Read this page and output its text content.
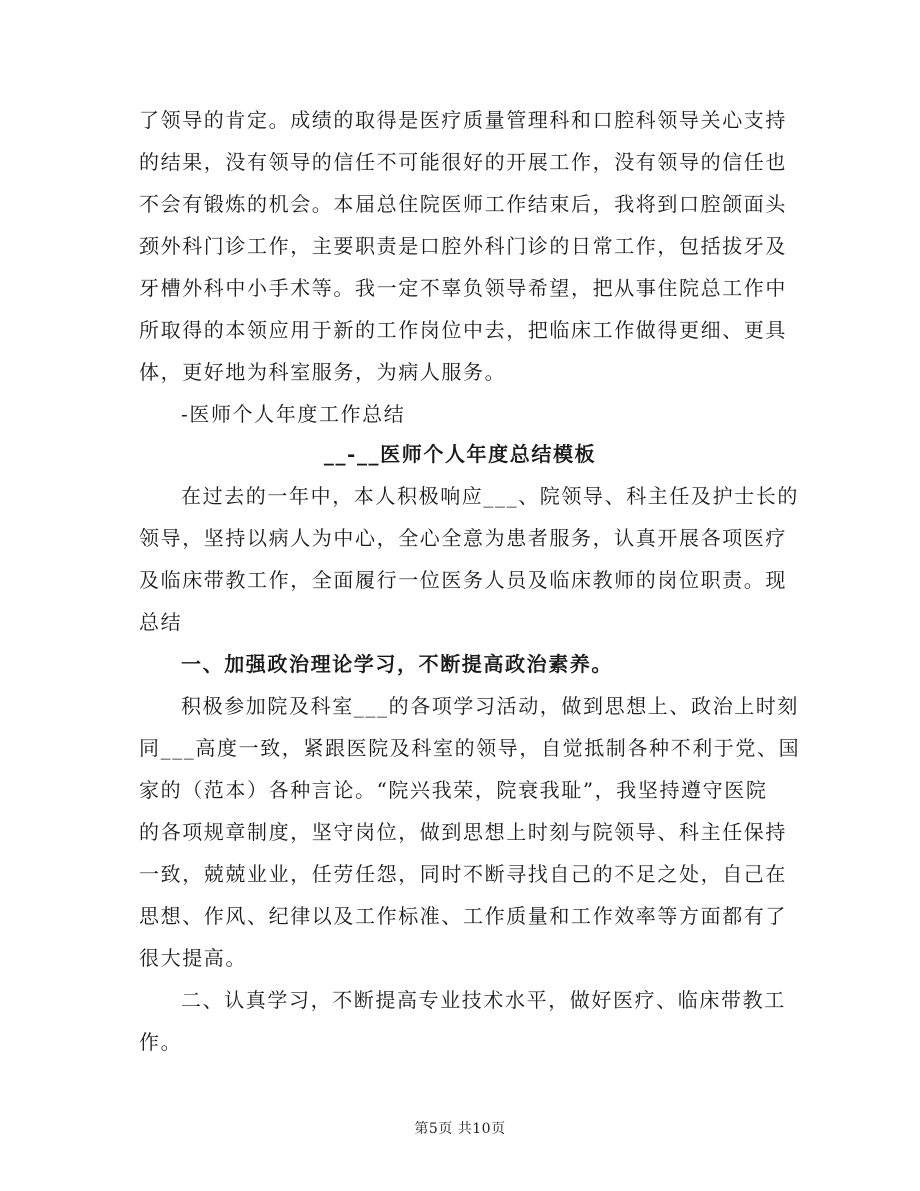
了领导的肯定。成绩的取得是医疗质量管理科和口腔科领导关心支持
的结果，没有领导的信任不可能很好的开展工作，没有领导的信任也
不会有锻炼的机会。本届总住院医师工作结束后，我将到口腔颌面头
颈外科门诊工作，主要职责是口腔外科门诊的日常工作，包括拔牙及
牙槽外科中小手术等。我一定不辜负领导希望，把从事住院总工作中
所取得的本领应用于新的工作岗位中去，把临床工作做得更细、更具
体，更好地为科室服务，为病人服务。
-医师个人年度工作总结
__-__医师个人年度总结模板
在过去的一年中，本人积极响应___、院领导、科主任及护士长的
领导，坚持以病人为中心，全心全意为患者服务，认真开展各项医疗
及临床带教工作，全面履行一位医务人员及临床教师的岗位职责。现
总结
一、加强政治理论学习，不断提高政治素养。
积极参加院及科室___的各项学习活动，做到思想上、政治上时刻
同___高度一致，紧跟医院及科室的领导，自觉抵制各种不利于党、国
家的（范本）各种言论。“院兴我荣，院衰我耻”，我坚持遵守医院
的各项规章制度，坚守岗位，做到思想上时刻与院领导、科主任保持
一致，兢兢业业，任劳任怨，同时不断寻找自己的不足之处，自己在
思想、作风、纪律以及工作标准、工作质量和工作效率等方面都有了
很大提高。
二、认真学习，不断提高专业技术水平，做好医疗、临床带教工
作。
第5页 共10页
